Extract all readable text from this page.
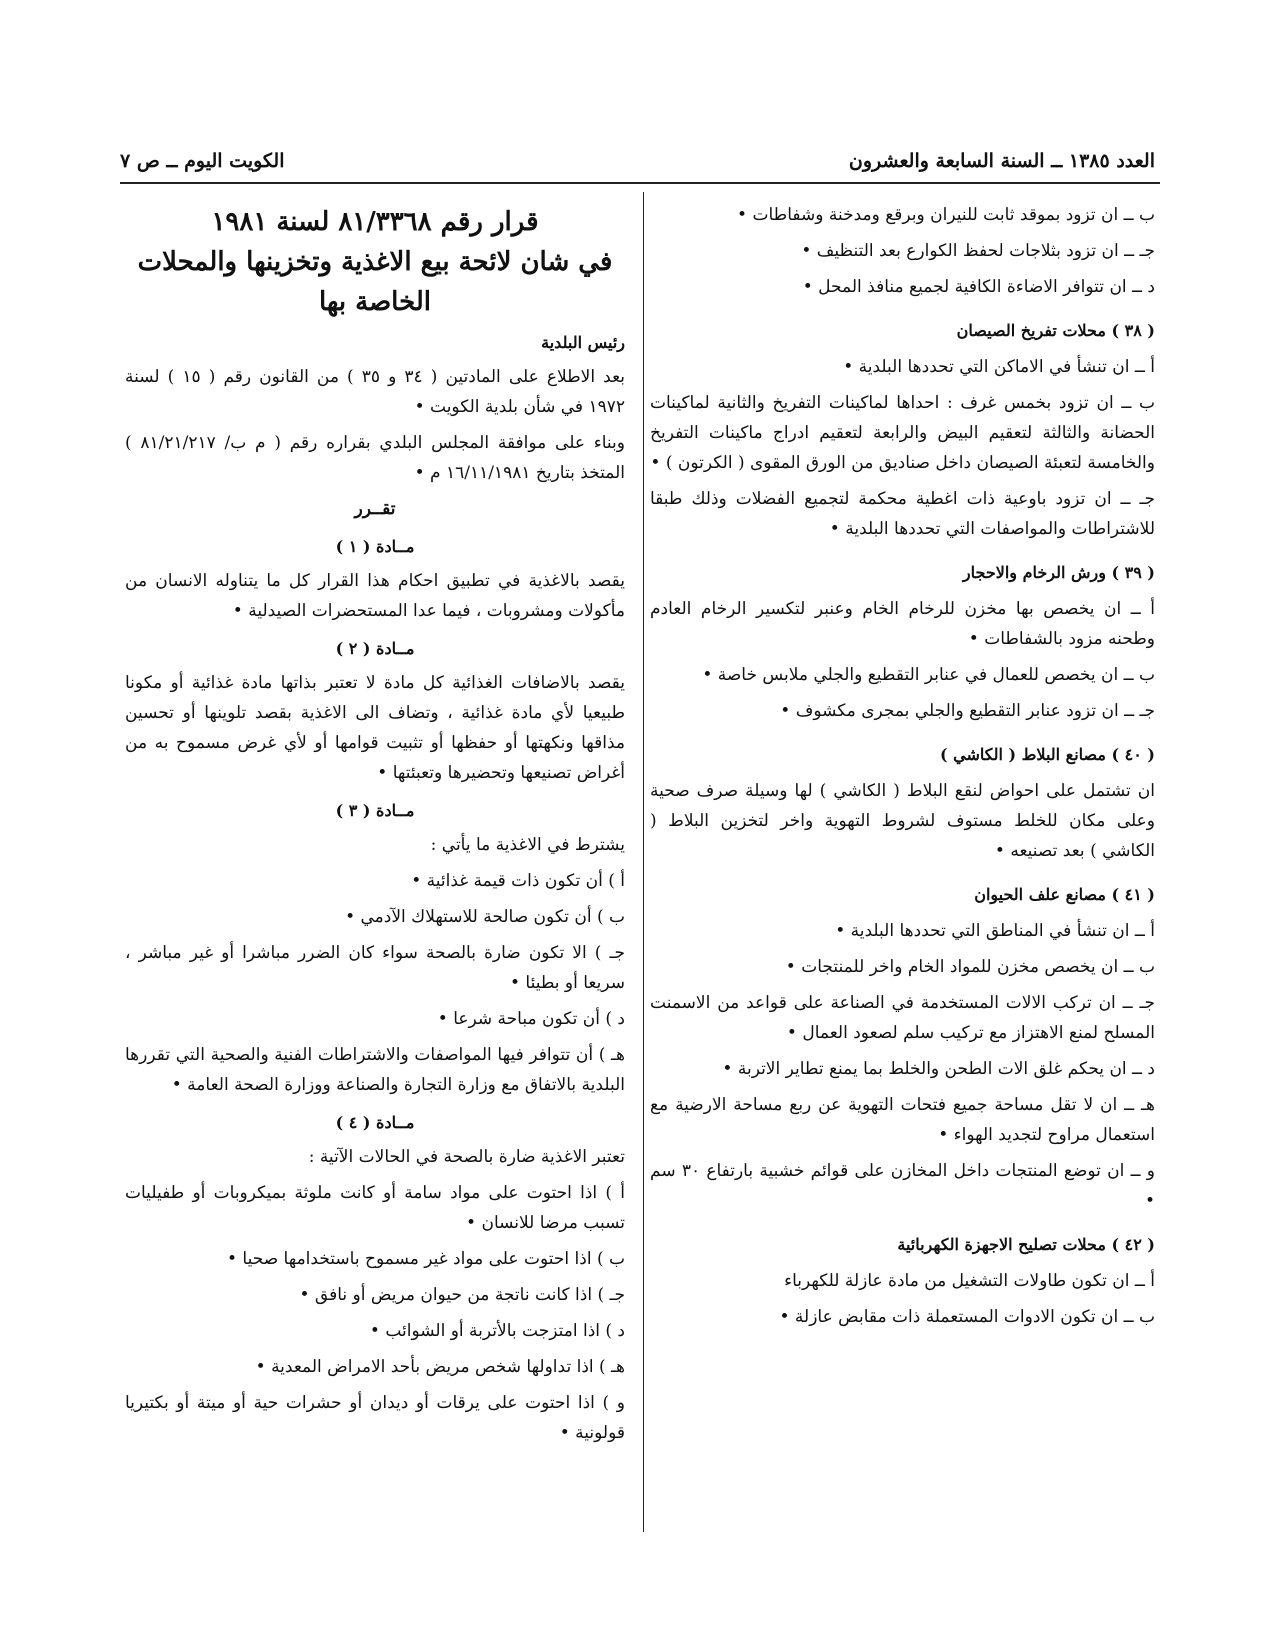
العدد ١٣٨٥ ــ السنة السابعة والعشرون
الكويت اليوم ــ ص ٧

ب ــ ان تزود بموقد ثابت للنيران وبرقع ومدخنة وشفاطات •

جـ ــ ان تزود بثلاجات لحفظ الكوارع بعد التنظيف •

د ــ ان تتوافر الاضاءة الكافية لجميع منافذ المحل •

( ٣٨ ) محلات تفريخ الصيصان

أ ــ ان تنشأ في الاماكن التي تحددها البلدية •

ب ــ ان تزود بخمس غرف : احداها لماكينات التفريخ والثانية لماكينات الحضانة والثالثة لتعقيم البيض والرابعة لتعقيم ادراج ماكينات التفريخ والخامسة لتعبئة الصيصان داخل صناديق من الورق المقوى ( الكرتون ) •

جـ ــ ان تزود باوعية ذات اغطية محكمة لتجميع الفضلات وذلك طبقا للاشتراطات والمواصفات التي تحددها البلدية •

( ٣٩ ) ورش الرخام والاحجار

أ ــ ان يخصص بها مخزن للرخام الخام وعنبر لتكسير الرخام العادم وطحنه مزود بالشفاطات •

ب ــ ان يخصص للعمال في عنابر التقطيع والجلي ملابس خاصة •

جـ ــ ان تزود عنابر التقطيع والجلي بمجرى مكشوف •

( ٤٠ ) مصانع البلاط ( الكاشي )

ان تشتمل على احواض لنقع البلاط ( الكاشي ) لها وسيلة صرف صحية وعلى مكان للخلط مستوف لشروط التهوية واخر لتخزين البلاط ( الكاشي ) بعد تصنيعه •

( ٤١ ) مصانع علف الحيوان

أ ــ ان تنشأ في المناطق التي تحددها البلدية •

ب ــ ان يخصص مخزن للمواد الخام واخر للمنتجات •

جـ ــ ان تركب الالات المستخدمة في الصناعة على قواعد من الاسمنت المسلح لمنع الاهتزاز مع تركيب سلم لصعود العمال •

د ــ ان يحكم غلق الات الطحن والخلط بما يمنع تطاير الاتربة •

هـ ــ ان لا تقل مساحة جميع فتحات التهوية عن ربع مساحة الارضية مع استعمال مراوح لتجديد الهواء •

و ــ ان توضع المنتجات داخل المخازن على قوائم خشبية بارتفاع ٣٠ سم •

( ٤٢ ) محلات تصليح الاجهزة الكهربائية

أ ــ ان تكون طاولات التشغيل من مادة عازلة للكهرباء

ب ــ ان تكون الادوات المستعملة ذات مقابض عازلة •

قرار رقم ٨١/٣٣٦٨ لسنة ١٩٨١
في شان لائحة بيع الاغذية وتخزينها والمحلات الخاصة بها
رئيس البلدية

بعد الاطلاع على المادتين ( ٣٤ و ٣٥ ) من القانون رقم ( ١٥ ) لسنة ١٩٧٢ في شأن بلدية الكويت •

وبناء على موافقة المجلس البلدي بقراره رقم ( م ب/ ٨١/٢١/٢١٧ ) المتخذ بتاريخ ١٦/١١/١٩٨١ م •

تقــرر
مــادة ( ١ )

يقصد بالاغذية في تطبيق احكام هذا القرار كل ما يتناوله الانسان من مأكولات ومشروبات ، فيما عدا المستحضرات الصيدلية •

مــادة ( ٢ )

يقصد بالاضافات الغذائية كل مادة لا تعتبر بذاتها مادة غذائية أو مكونا طبيعيا لأي مادة غذائية ، وتضاف الى الاغذية بقصد تلوينها أو تحسين مذاقها ونكهتها أو حفظها أو تثبيت قوامها أو لأي غرض مسموح به من أغراض تصنيعها وتحضيرها وتعبئتها •

مــادة ( ٣ )

يشترط في الاغذية ما يأتي :

أ ) أن تكون ذات قيمة غذائية •

ب ) أن تكون صالحة للاستهلاك الآدمي •

جـ ) الا تكون ضارة بالصحة سواء كان الضرر مباشرا أو غير مباشر ، سريعا أو بطيئا •

د ) أن تكون مباحة شرعا •

هـ ) أن تتوافر فيها المواصفات والاشتراطات الفنية والصحية التي تقررها البلدية بالاتفاق مع وزارة التجارة والصناعة ووزارة الصحة العامة •

مــادة ( ٤ )

تعتبر الاغذية ضارة بالصحة في الحالات الآتية :

أ ) اذا احتوت على مواد سامة أو كانت ملوثة بميكروبات أو طفيليات تسبب مرضا للانسان •

ب ) اذا احتوت على مواد غير مسموح باستخدامها صحيا •

جـ ) اذا كانت ناتجة من حيوان مريض أو نافق •

د ) اذا امتزجت بالأتربة أو الشوائب •

هـ ) اذا تداولها شخص مريض بأحد الامراض المعدية •

و ) اذا احتوت على يرقات أو ديدان أو حشرات حية أو ميتة أو بكتيريا قولونية •
